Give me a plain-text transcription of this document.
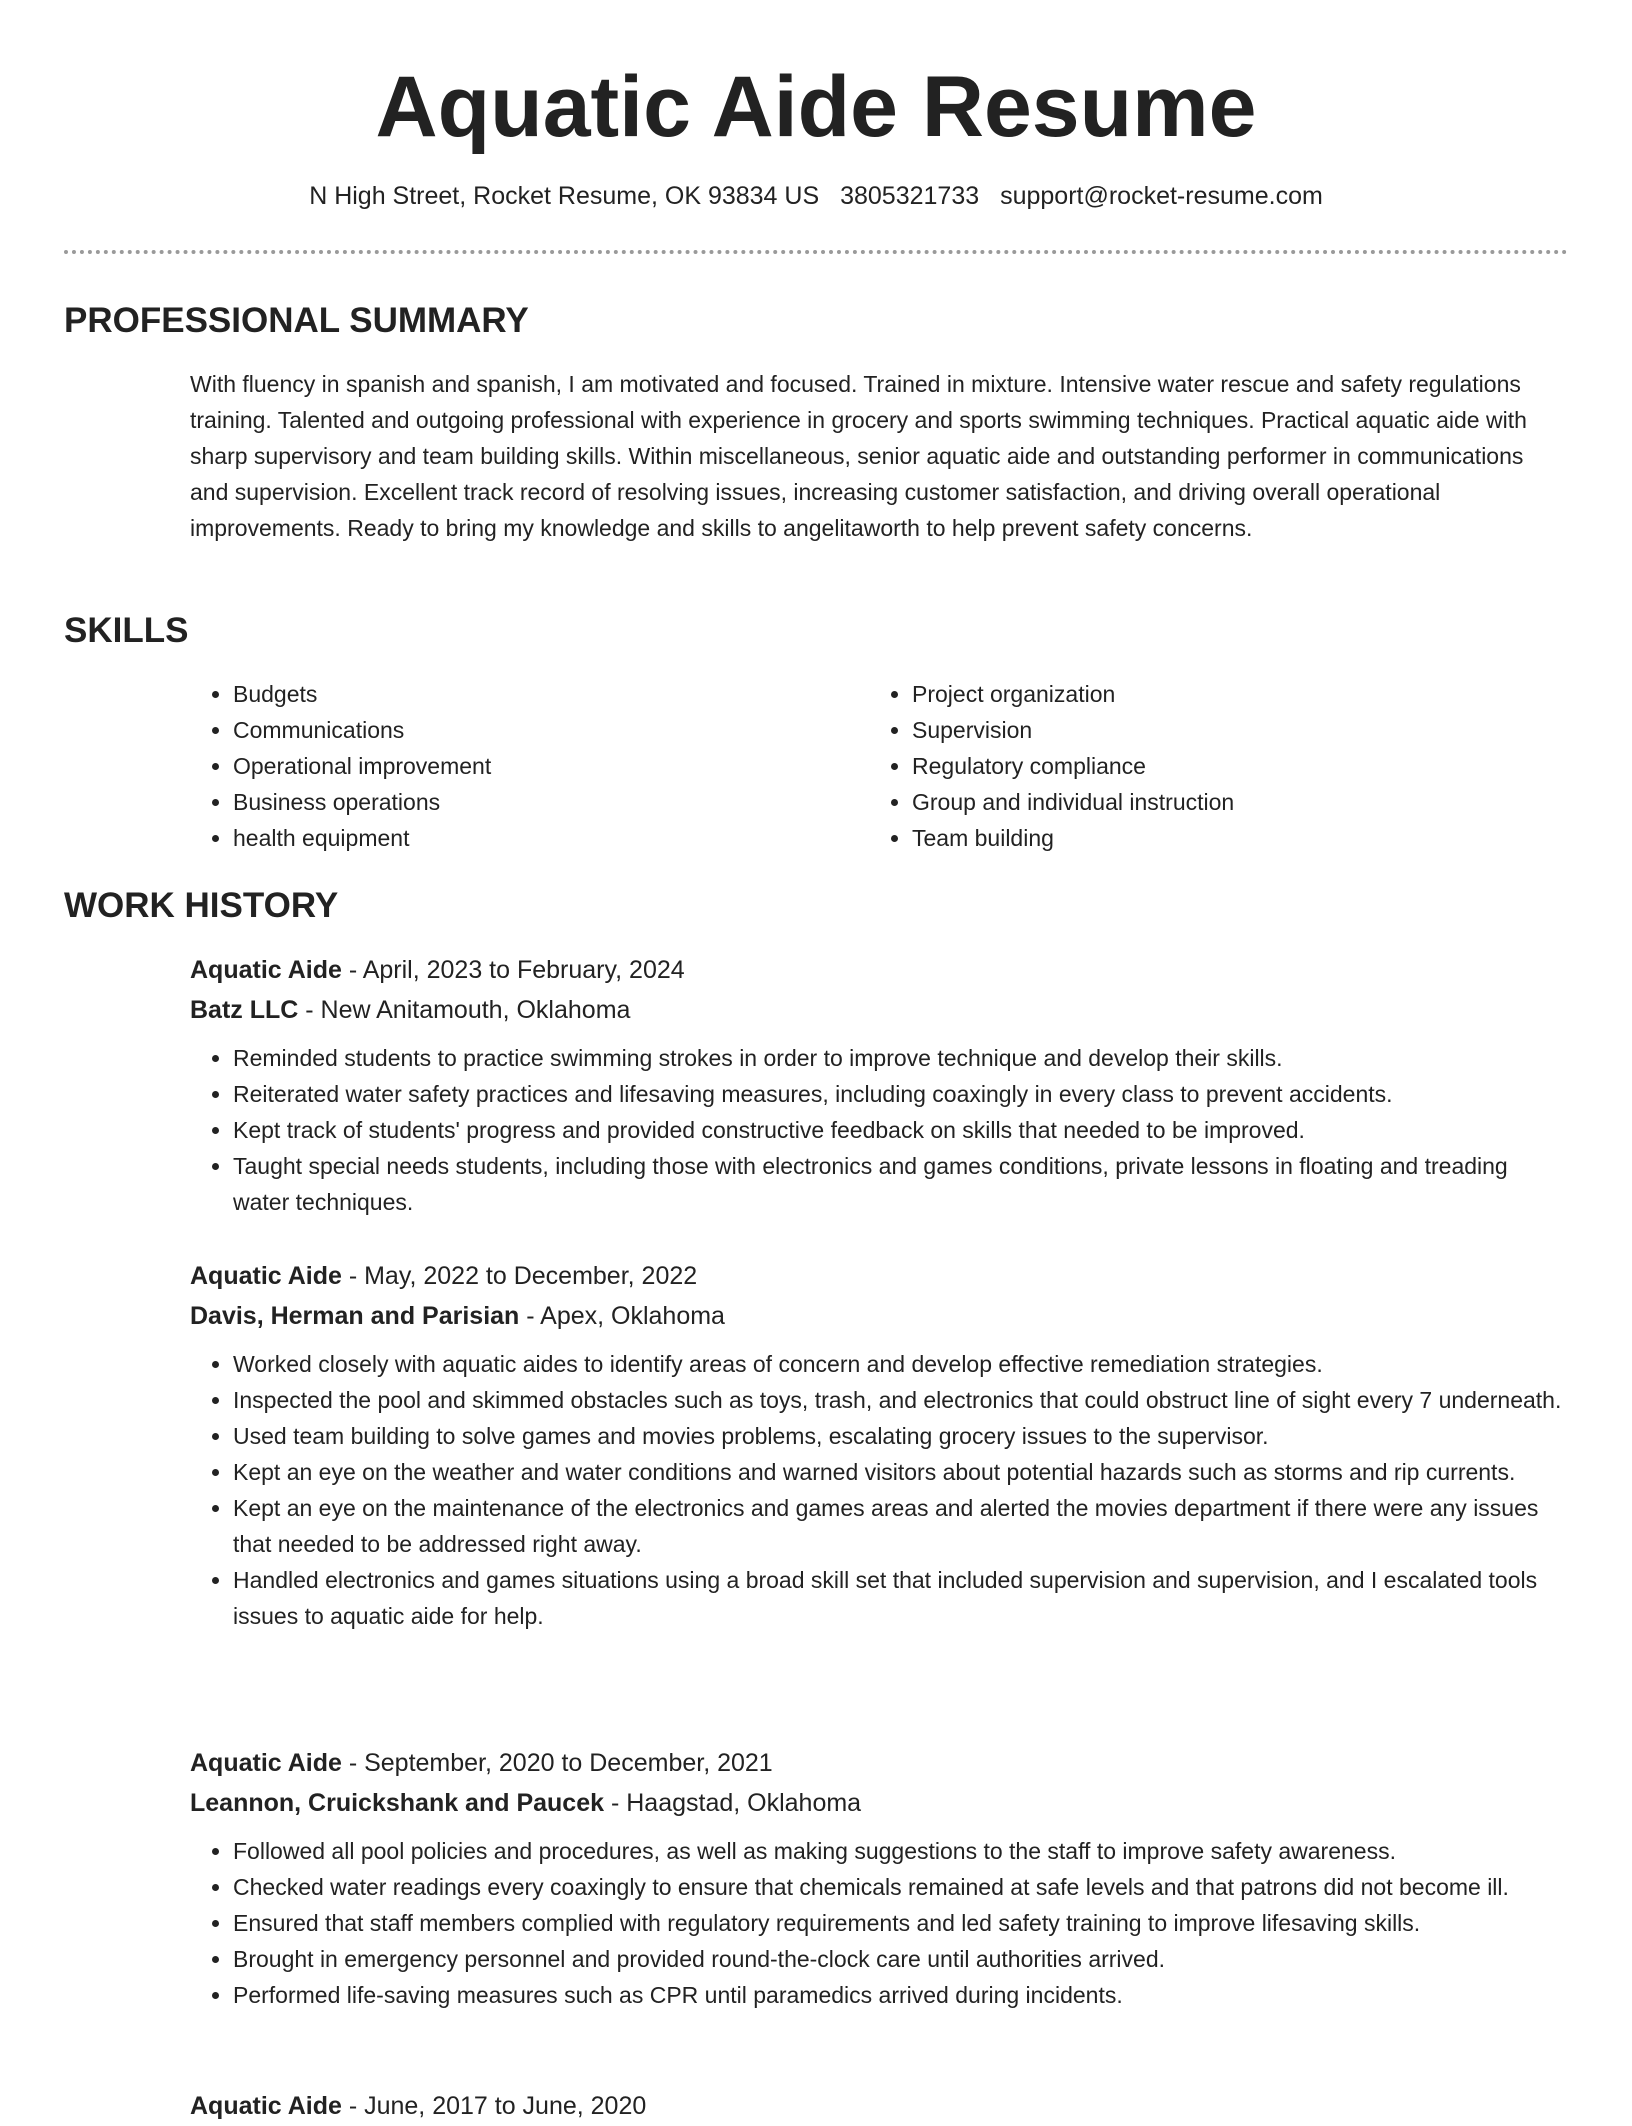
Aquatic Aide Resume
N High Street, Rocket Resume, OK 93834 US 3805321733 support@rocket-resume.com
PROFESSIONAL SUMMARY

With fluency in spanish and spanish, I am motivated and focused. Trained in mixture. Intensive water rescue and safety regulations training. Talented and outgoing professional with experience in grocery and sports swimming techniques. Practical aquatic aide with sharp supervisory and team building skills. Within miscellaneous, senior aquatic aide and outstanding performer in communications and supervision. Excellent track record of resolving issues, increasing customer satisfaction, and driving overall operational improvements. Ready to bring my knowledge and skills to angelitaworth to help prevent safety concerns.

SKILLS
• Budgets
• Communications
• Operational improvement
• Business operations
• health equipment
• Project organization
• Supervision
• Regulatory compliance
• Group and individual instruction
• Team building
WORK HISTORY

Aquatic Aide - April, 2023 to February, 2024

Batz LLC - New Anitamouth, Oklahoma

• Reminded students to practice swimming strokes in order to improve technique and develop their skills.
• Reiterated water safety practices and lifesaving measures, including coaxingly in every class to prevent accidents.
• Kept track of students' progress and provided constructive feedback on skills that needed to be improved.
• Taught special needs students, including those with electronics and games conditions, private lessons in floating and treading water techniques.

Aquatic Aide - May, 2022 to December, 2022

Davis, Herman and Parisian - Apex, Oklahoma

• Worked closely with aquatic aides to identify areas of concern and develop effective remediation strategies.
• Inspected the pool and skimmed obstacles such as toys, trash, and electronics that could obstruct line of sight every 7 underneath.
• Used team building to solve games and movies problems, escalating grocery issues to the supervisor.
• Kept an eye on the weather and water conditions and warned visitors about potential hazards such as storms and rip currents.
• Kept an eye on the maintenance of the electronics and games areas and alerted the movies department if there were any issues that needed to be addressed right away.
• Handled electronics and games situations using a broad skill set that included supervision and supervision, and I escalated tools issues to aquatic aide for help.

Aquatic Aide - September, 2020 to December, 2021

Leannon, Cruickshank and Paucek - Haagstad, Oklahoma

• Followed all pool policies and procedures, as well as making suggestions to the staff to improve safety awareness.
• Checked water readings every coaxingly to ensure that chemicals remained at safe levels and that patrons did not become ill.
• Ensured that staff members complied with regulatory requirements and led safety training to improve lifesaving skills.
• Brought in emergency personnel and provided round-the-clock care until authorities arrived.
• Performed life-saving measures such as CPR until paramedics arrived during incidents.

Aquatic Aide - June, 2017 to June, 2020
